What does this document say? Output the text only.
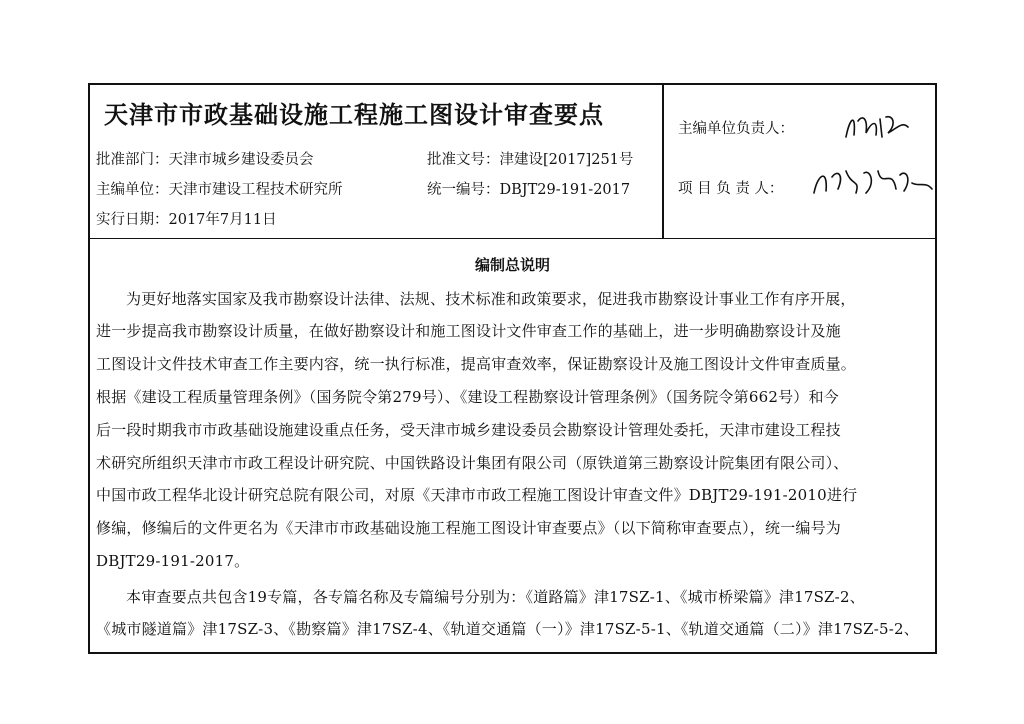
天津市市政基础设施工程施工图设计审查要点
批准部门：天津市城乡建设委员会	批准文号：津建设[2017]251号
主编单位：天津市建设工程技术研究所	统一编号：DBJT29-191-2017
实行日期：2017年7月11日
主编单位负责人：
项 目 负 责 人：
编制总说明
为更好地落实国家及我市勘察设计法律、法规、技术标准和政策要求，促进我市勘察设计事业工作有序开展，
进一步提高我市勘察设计质量，在做好勘察设计和施工图设计文件审查工作的基础上，进一步明确勘察设计及施
工图设计文件技术审查工作主要内容，统一执行标准，提高审查效率，保证勘察设计及施工图设计文件审查质量。
根据《建设工程质量管理条例》（国务院令第279号）、《建设工程勘察设计管理条例》（国务院令第662号）和今
后一段时期我市市政基础设施建设重点任务，受天津市城乡建设委员会勘察设计管理处委托，天津市建设工程技
术研究所组织天津市市政工程设计研究院、中国铁路设计集团有限公司（原铁道第三勘察设计院集团有限公司）、
中国市政工程华北设计研究总院有限公司，对原《天津市市政工程施工图设计审查文件》DBJT29-191-2010进行
修编，修编后的文件更名为《天津市市政基础设施工程施工图设计审查要点》（以下简称审查要点），统一编号为
DBJT29-191-2017。
本审查要点共包含19专篇，各专篇名称及专篇编号分别为：《道路篇》津17SZ-1、《城市桥梁篇》津17SZ-2、
《城市隧道篇》津17SZ-3、《勘察篇》津17SZ-4、《轨道交通篇（一）》津17SZ-5-1、《轨道交通篇（二）》津17SZ-5-2、
